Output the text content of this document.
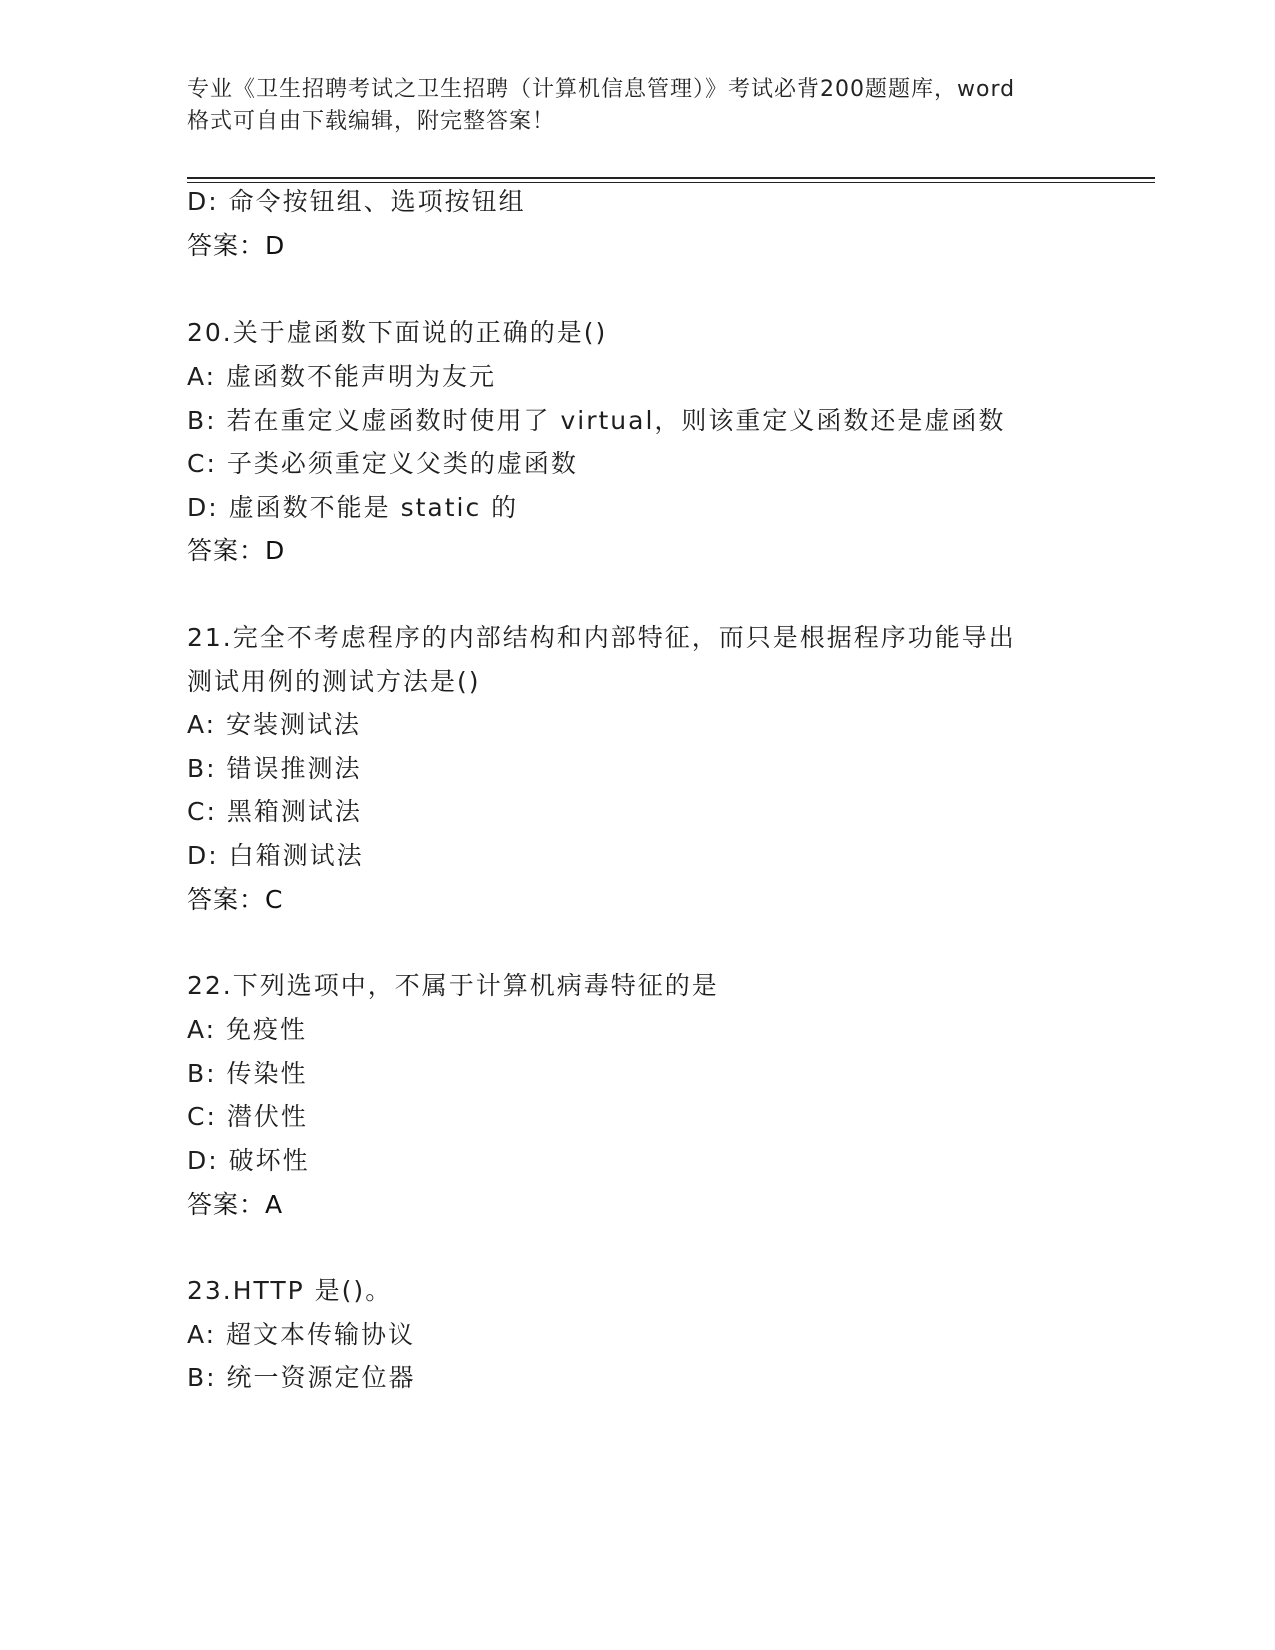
专业《卫生招聘考试之卫生招聘（计算机信息管理）》考试必背200题题库，word
格式可自由下载编辑，附完整答案！
D: 命令按钮组、选项按钮组
答案：D
20.关于虚函数下面说的正确的是()
A: 虚函数不能声明为友元
B: 若在重定义虚函数时使用了 virtual，则该重定义函数还是虚函数
C: 子类必须重定义父类的虚函数
D: 虚函数不能是 static 的
答案：D
21.完全不考虑程序的内部结构和内部特征，而只是根据程序功能导出
测试用例的测试方法是()
A: 安装测试法
B: 错误推测法
C: 黑箱测试法
D: 白箱测试法
答案：C
22.下列选项中，不属于计算机病毒特征的是
A: 免疫性
B: 传染性
C: 潜伏性
D: 破坏性
答案：A
23.HTTP 是()。
A: 超文本传输协议
B: 统一资源定位器
